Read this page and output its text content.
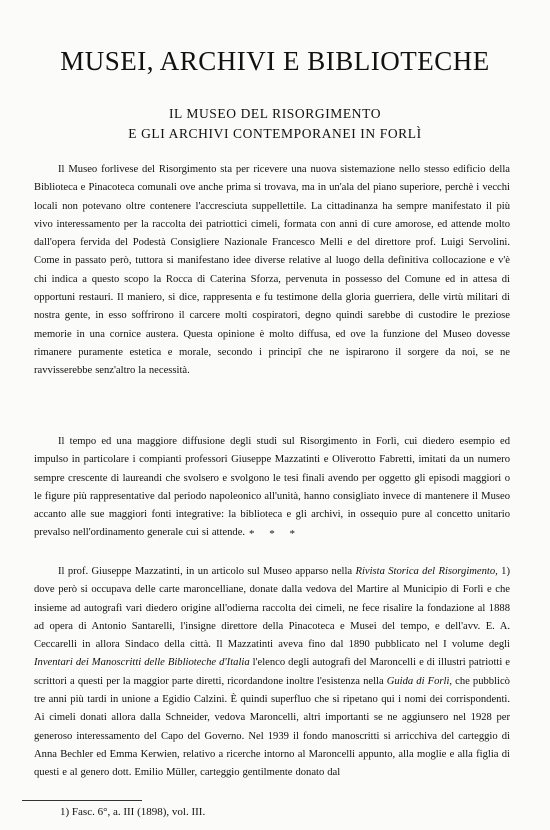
MUSEI, ARCHIVI E BIBLIOTECHE
IL MUSEO DEL RISORGIMENTO
E GLI ARCHIVI CONTEMPORANEI IN FORLÌ
Il Museo forlivese del Risorgimento sta per ricevere una nuova sistemazione nello stesso edificio della Biblioteca e Pinacoteca comunali ove anche prima si trovava, ma in un'ala del piano superiore, perchè i vecchi locali non potevano oltre contenere l'accresciuta suppellettile. La cittadinanza ha sempre manifestato il più vivo interessamento per la raccolta dei patriottici cimeli, formata con anni di cure amorose, ed attende molto dall'opera fervida del Podestà Consigliere Nazionale Francesco Melli e del direttore prof. Luigi Servolini. Come in passato però, tuttora si manifestano idee diverse relative al luogo della definitiva collocazione e v'è chi indica a questo scopo la Rocca di Caterina Sforza, pervenuta in possesso del Comune ed in attesa di opportuni restauri. Il maniero, si dice, rappresenta e fu testimone della gloria guerriera, delle virtù militari di nostra gente, in esso soffrirono il carcere molti cospiratori, degno quindi sarebbe di custodire le preziose memorie in una cornice austera. Questa opinione è molto diffusa, ed ove la funzione del Museo dovesse rimanere puramente estetica e morale, secondo i principî che ne ispirarono il sorgere da noi, se ne ravvisserebbe senz'altro la necessità.
Il tempo ed una maggiore diffusione degli studi sul Risorgimento in Forlì, cui diedero esempio ed impulso in particolare i compianti professori Giuseppe Mazzatinti e Oliverotto Fabretti, imitati da un numero sempre crescente di laureandi che svolsero e svolgono le tesi finali avendo per oggetto gli episodi maggiori o le figure più rappresentative dal periodo napoleonico all'unità, hanno consigliato invece di mantenere il Museo accanto alle sue maggiori fonti integrative: la biblioteca e gli archivi, in ossequio pure al concetto unitario prevalso nell'ordinamento generale cui si attende. * * *
Il prof. Giuseppe Mazzatinti, in un articolo sul Museo apparso nella Rivista Storica del Risorgimento, 1) dove però si occupava delle carte maroncelliane, donate dalla vedova del Martire al Municipio di Forlì e che insieme ad autografi vari diedero origine all'odierna raccolta dei cimeli, ne fece risalire la fondazione al 1888 ad opera di Antonio Santarelli, l'insigne direttore della Pinacoteca e Musei del tempo, e dell'avv. E. A. Ceccarelli in allora Sindaco della città. Il Mazzatinti aveva fino dal 1890 pubblicato nel I volume degli Inventari dei Manoscritti delle Biblioteche d'Italia l'elenco degli autografi del Maroncelli e di illustri patriotti e scrittori a questi per la maggior parte diretti, ricordandone inoltre l'esistenza nella Guida di Forlì, che pubblicò tre anni più tardi in unione a Egidio Calzini. È quindi superfluo che si ripetano qui i nomi dei corrispondenti. Ai cimeli donati allora dalla Schneider, vedova Maroncelli, altri importanti se ne aggiunsero nel 1928 per generoso interessamento del Capo del Governo. Nel 1939 il fondo manoscritti si arricchiva del carteggio di Anna Bechler ed Emma Kerwien, relativo a ricerche intorno al Maroncelli appunto, alla moglie e alla figlia di questi e al genero dott. Emilio Müller, carteggio gentilmente donato dal
1) Fasc. 6°, a. III (1898), vol. III.
